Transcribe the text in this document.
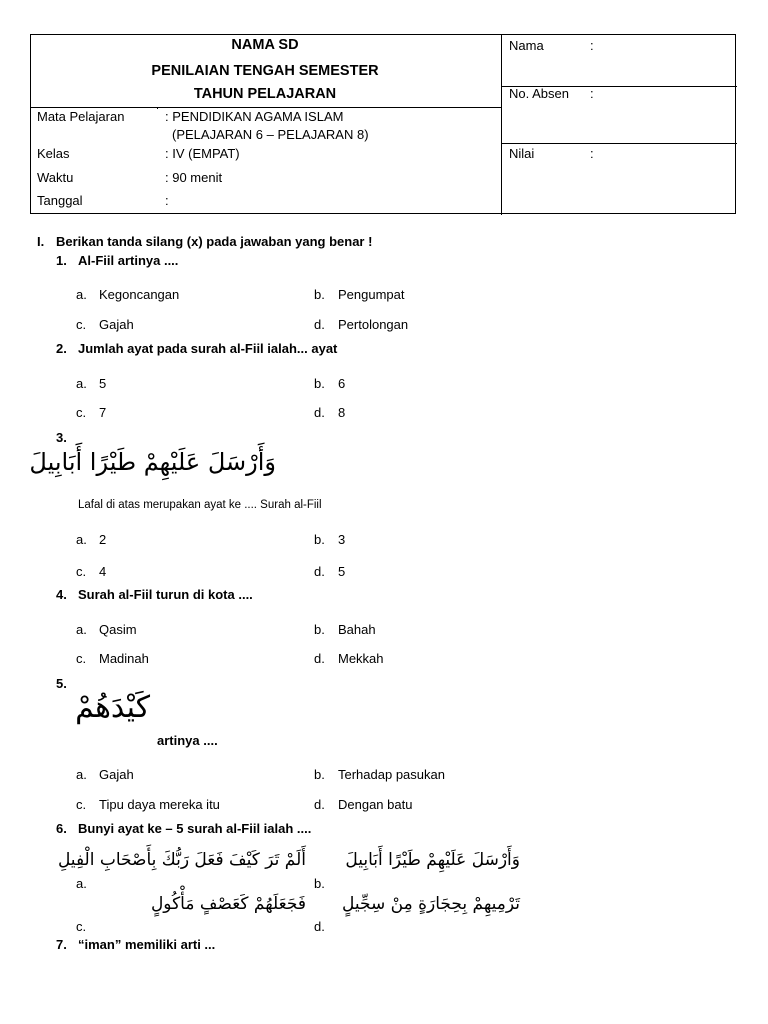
NAMA SD
PENILAIAN TENGAH SEMESTER
TAHUN PELAJARAN
Mata Pelajaran	: PENDIDIKAN AGAMA ISLAM
(PELAJARAN 6 – PELAJARAN 8)
Kelas	: IV (EMPAT)
Waktu	: 90 menit
Tanggal	:
Nama	:
No. Absen :
Nilai	:
I. Berikan tanda silang (x) pada jawaban yang benar !
1. Al-Fiil artinya ....
a. Kegoncangan	b. Pengumpat
c. Gajah	d. Pertolongan
2. Jumlah ayat pada surah al-Fiil ialah... ayat
a. 5	b. 6
c. 7	d. 8
3.
وَأَرْسَلَ عَلَيْهِمْ طَيْرًا أَبَابِيلَ
Lafal di atas merupakan ayat ke .... Surah al-Fiil
a. 2	b. 3
c. 4	d. 5
4. Surah al-Fiil turun di kota ....
a. Qasim	b. Bahah
c. Madinah	d. Mekkah
5.
كَيْدَهُمْ
artinya ....
a. Gajah	b. Terhadap pasukan
c. Tipu daya mereka itu	d. Dengan batu
6. Bunyi ayat ke – 5 surah al-Fiil ialah ....
a.
أَلَمْ تَرَ كَيْفَ فَعَلَ رَبُّكَ بِأَصْحَابِ الْفِيلِ
b.
وَأَرْسَلَ عَلَيْهِمْ طَيْرًا أَبَابِيلَ
c.
فَجَعَلَهُمْ كَعَصْفٍ مَأْكُولٍ
d.
تَرْمِيهِمْ بِحِجَارَةٍ مِنْ سِجِّيلٍ
7. “iman” memiliki arti ...
